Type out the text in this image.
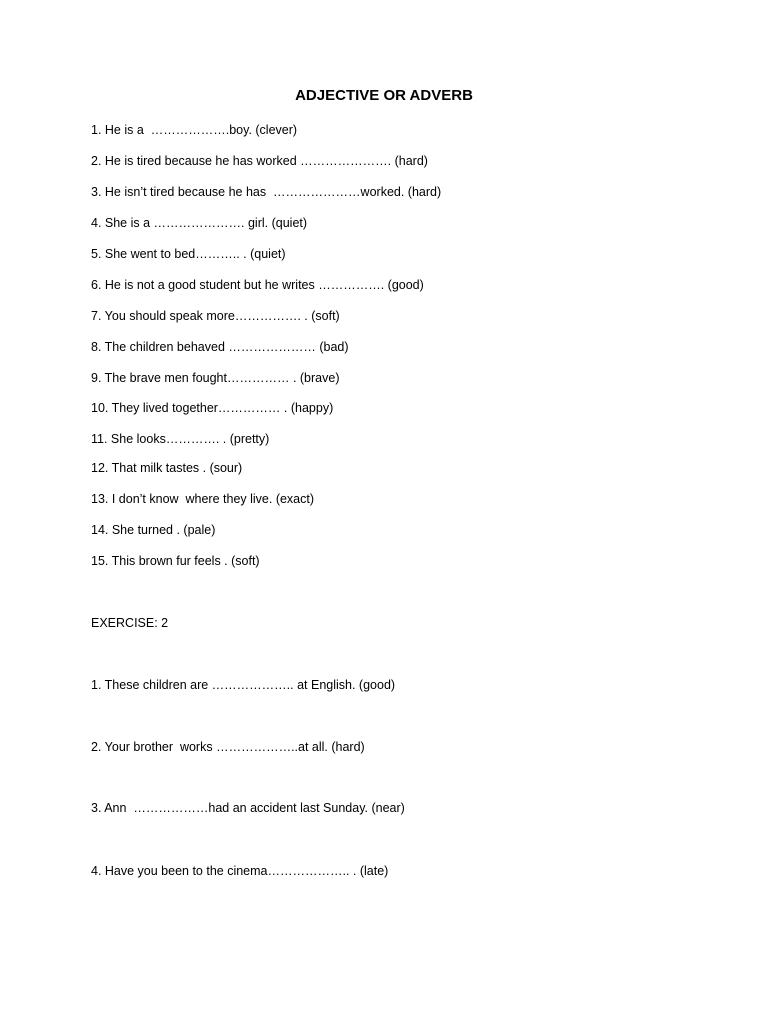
ADJECTIVE OR ADVERB
1. He is a  ……………….boy. (clever)
2. He is tired because he has worked …………………. (hard)
3. He isn’t tired because he has  …………………worked. (hard)
4. She is a …………………. girl. (quiet)
5. She went to bed……….. . (quiet)
6. He is not a good student but he writes ……………. (good)
7. You should speak more……………. . (soft)
8. The children behaved ………………… (bad)
9. The brave men fought…………… . (brave)
10. They lived together…………… . (happy)
11. She looks…………. . (pretty)
12. That milk tastes . (sour)
13. I don’t know  where they live. (exact)
14. She turned . (pale)
15. This brown fur feels . (soft)
EXERCISE: 2
1. These children are ……………….. at English. (good)
2. Your brother  works ………………..at all. (hard)
3. Ann  ………………had an accident last Sunday. (near)
4. Have you been to the cinema……………….. . (late)
